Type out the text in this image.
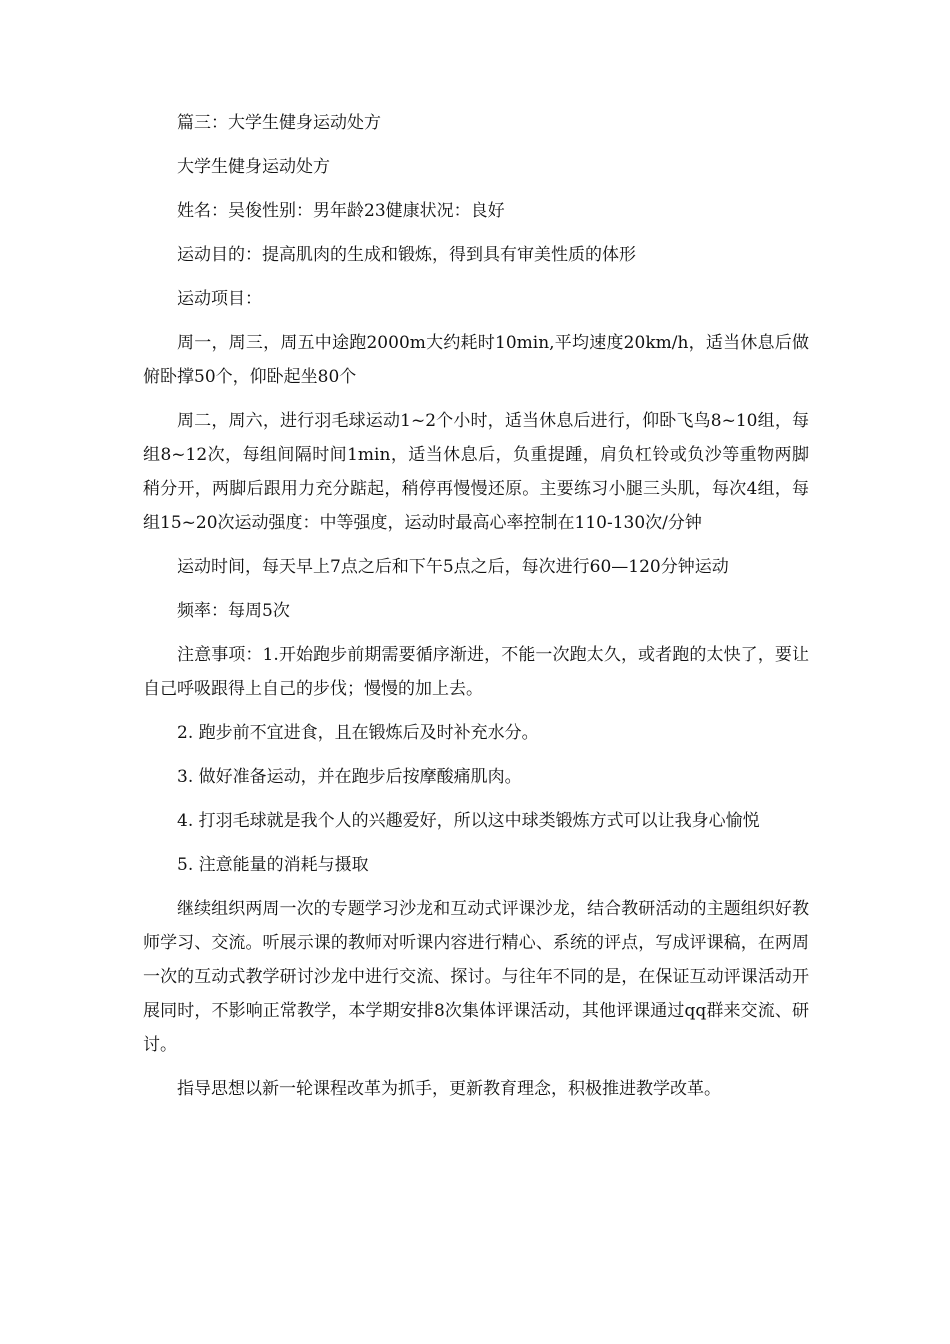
篇三：大学生健身运动处方

大学生健身运动处方

姓名：吴俊性别：男年龄23健康状况：良好

运动目的：提高肌肉的生成和锻炼，得到具有审美性质的体形

运动项目：

周一，周三，周五中途跑2000m大约耗时10min,平均速度20km/h，适当休息后做俯卧撑50个，仰卧起坐80个

周二，周六，进行羽毛球运动1~2个小时，适当休息后进行，仰卧飞鸟8~10组，每组8~12次，每组间隔时间1min，适当休息后，负重提踵，肩负杠铃或负沙等重物两脚稍分开，两脚后跟用力充分踮起，稍停再慢慢还原。主要练习小腿三头肌，每次4组，每组15~20次运动强度：中等强度，运动时最高心率控制在110-130次/分钟

运动时间，每天早上7点之后和下午5点之后，每次进行60—120分钟运动

频率：每周5次

注意事项：1.开始跑步前期需要循序渐进，不能一次跑太久，或者跑的太快了，要让自己呼吸跟得上自己的步伐；慢慢的加上去。

2. 跑步前不宜进食，且在锻炼后及时补充水分。

3. 做好准备运动，并在跑步后按摩酸痛肌肉。

4. 打羽毛球就是我个人的兴趣爱好，所以这中球类锻炼方式可以让我身心愉悦

5. 注意能量的消耗与摄取

继续组织两周一次的专题学习沙龙和互动式评课沙龙，结合教研活动的主题组织好教师学习、交流。听展示课的教师对听课内容进行精心、系统的评点，写成评课稿，在两周一次的互动式教学研讨沙龙中进行交流、探讨。与往年不同的是，在保证互动评课活动开展同时，不影响正常教学，本学期安排8次集体评课活动，其他评课通过qq群来交流、研讨。

指导思想以新一轮课程改革为抓手，更新教育理念，积极推进教学改革。
